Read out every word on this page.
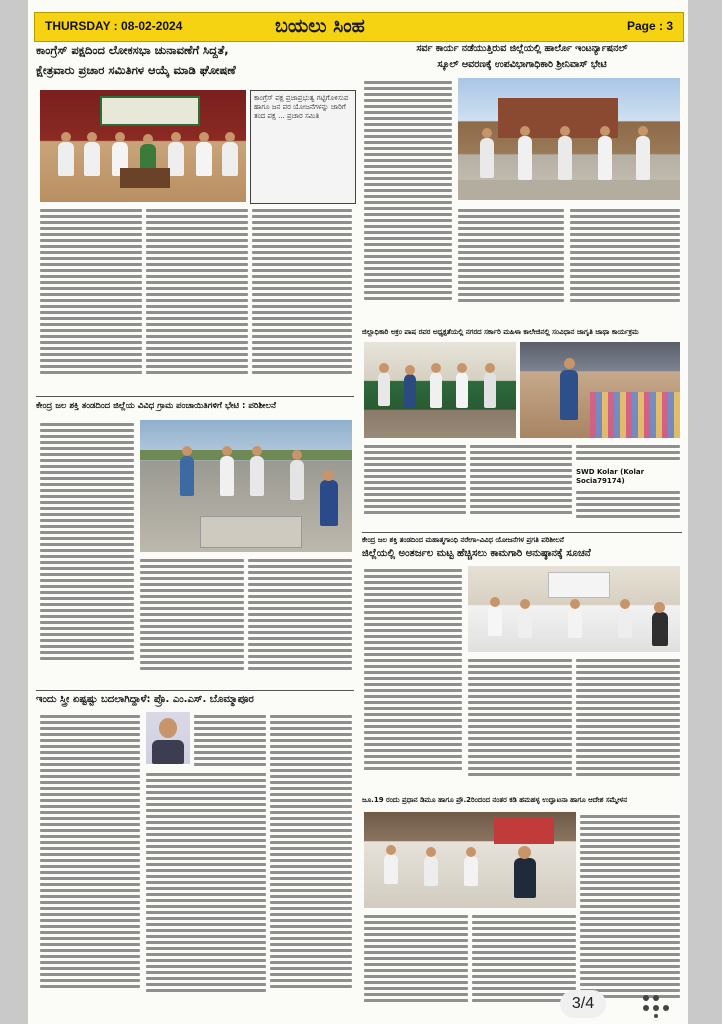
THURSDAY : 08-02-2024	ಬಯಲು ಸಿಂಹ	Page : 3
ಕಾಂಗ್ರೆಸ್ ಪಕ್ಷದಿಂದ ಲೋಕಸಭಾ ಚುನಾವಣೆಗೆ ಸಿದ್ದತೆ,
ಕ್ಷೇತ್ರವಾರು ಪ್ರಚಾರ ಸಮಿತಿಗಳ ಆಯ್ಕೆ ಮಾಡಿ ಘೋಷಣೆ
ಕಾಂಗ್ರೆಸ್ ಪಕ್ಷ ಪ್ರಜಾಪ್ರಭುತ್ವ ಗಟ್ಟಿಗೊಳಿಸುವ ಹಾಗೂ ಜನ ಪರ ಯೋಜನೆಗಳನ್ನು ಜಾರಿಗೆ ತಂದ ಪಕ್ಷ ... ಪ್ರಚಾರ ಸಮಿತಿ
ಸರ್ವ ಕಾರ್ಯ ನಡೆಯುತ್ತಿರುವ ಜಿಲ್ಲೆಯಲ್ಲಿ ಹಾರ್ಲೊ ಇಂಟರ್ನ್ಯಾಷನಲ್
ಸ್ಕೂಲ್ ಆವರಣಕ್ಕೆ ಉಪವಿಭಾಗಾಧಿಕಾರಿ ಶ್ರೀನಿವಾಸ್ ಭೇಟಿ
ಜಿಲ್ಲಾಧಿಕಾರಿ ಅಕ್ರಂ ಪಾಷ ರವರ ಅಧ್ಯಕ್ಷತೆಯಲ್ಲಿ ನಗರದ ಸರ್ಕಾರಿ ಮಹಿಳಾ ಕಾಲೇಜಿನಲ್ಲಿ ಸಂವಿಧಾನ ಜಾಗೃತಿ ಜಾಥಾ ಕಾರ್ಯಕ್ರಮ
SWD Kolar (Kolar Socia79174)
ಕೇಂದ್ರ ಜಲ ಶಕ್ತಿ ತಂಡದಿಂದ ಜಿಲ್ಲೆಯ ವಿವಿಧ ಗ್ರಾಮ ಪಂಚಾಯಿತಿಗಳಿಗೆ ಭೇಟಿ : ಪರಿಶೀಲನೆ
ಕೇಂದ್ರ ಜಲ ಶಕ್ತಿ ತಂಡದಿಂದ ಮಹಾತ್ಮಗಾಂಧಿ ನರೇಗಾ-ವಿವಿಧ ಯೋಜನೆಗಳ ಪ್ರಗತಿ ಪರಿಶೀಲನೆ
ಜಿಲ್ಲೆಯಲ್ಲಿ ಅಂತರ್ಜಲ ಮಟ್ಟ ಹೆಚ್ಚಿಸಲು ಕಾಮಗಾರಿ ಅನುಷ್ಠಾನಕ್ಕೆ ಸೂಚನೆ
ಇಂದು ಸ್ತ್ರೀ ಏಷ್ಟಷ್ಟು ಬದಲಾಗಿದ್ದಾಳೆ: ಪ್ರೊ. ಎಂ.ಎಸ್. ಬೊಮ್ಮಾಪೂರ
ಜೂ.19 ರಂದು ಪ್ರಧಾನ ಡಿಮೂ ಹಾಗೂ ಪ್ರೌ.2ರಿಂದಂದ ನಂತರ ಕಡಿ ಹಮಹಳ್ಳ ಉದ್ಘಾಟನಾ ಹಾಗೂ ಆದೇಶ ಸಮ್ಮೇಳನ
3/4
